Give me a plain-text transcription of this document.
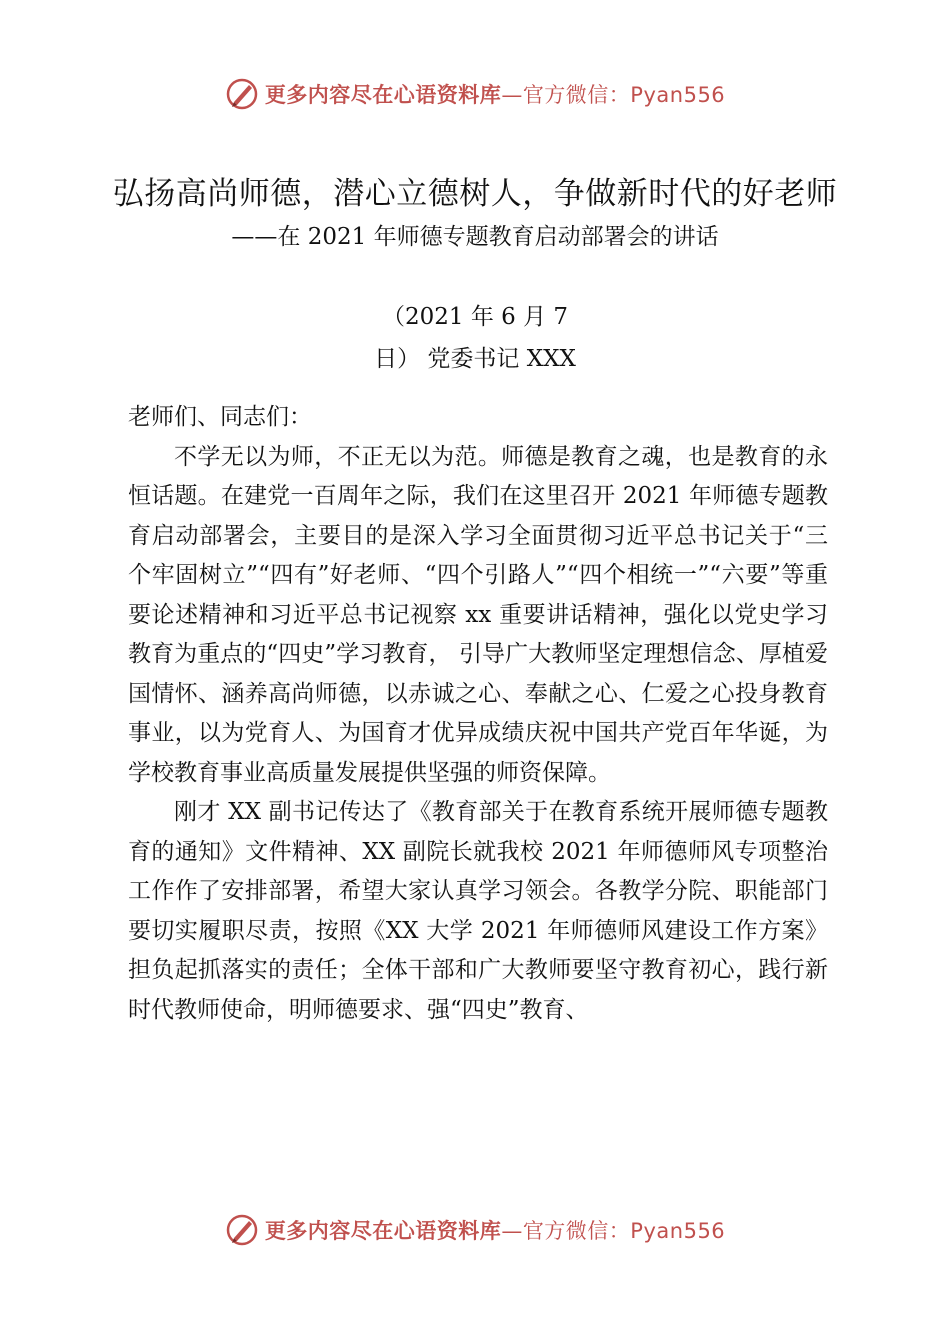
更多内容尽在心语资料库—官方微信：Pyan556
弘扬高尚师德，潜心立德树人，争做新时代的好老师
——在 2021 年师德专题教育启动部署会的讲话
（2021 年 6 月 7
日） 党委书记 XXX

老师们、同志们：

不学无以为师，不正无以为范。师德是教育之魂，也是教育的永恒话题。在建党一百周年之际，我们在这里召开 2021 年师德专题教育启动部署会，主要目的是深入学习全面贯彻习近平总书记关于“三个牢固树立”“四有”好老师、“四个引路人”“四个相统一”“六要”等重要论述精神和习近平总书记视察 xx 重要讲话精神，强化以党史学习教育为重点的“四史”学习教育， 引导广大教师坚定理想信念、厚植爱国情怀、涵养高尚师德，以赤诚之心、奉献之心、仁爱之心投身教育事业，以为党育人、为国育才优异成绩庆祝中国共产党百年华诞，为学校教育事业高质量发展提供坚强的师资保障。

刚才 XX 副书记传达了《教育部关于在教育系统开展师德专题教育的通知》文件精神、XX 副院长就我校 2021 年师德师风专项整治工作作了安排部署，希望大家认真学习领会。各教学分院、职能部门要切实履职尽责，按照《XX 大学 2021 年师德师风建设工作方案》担负起抓落实的责任；全体干部和广大教师要坚守教育初心，践行新时代教师使命，明师德要求、强“四史”教育、

更多内容尽在心语资料库—官方微信：Pyan556
